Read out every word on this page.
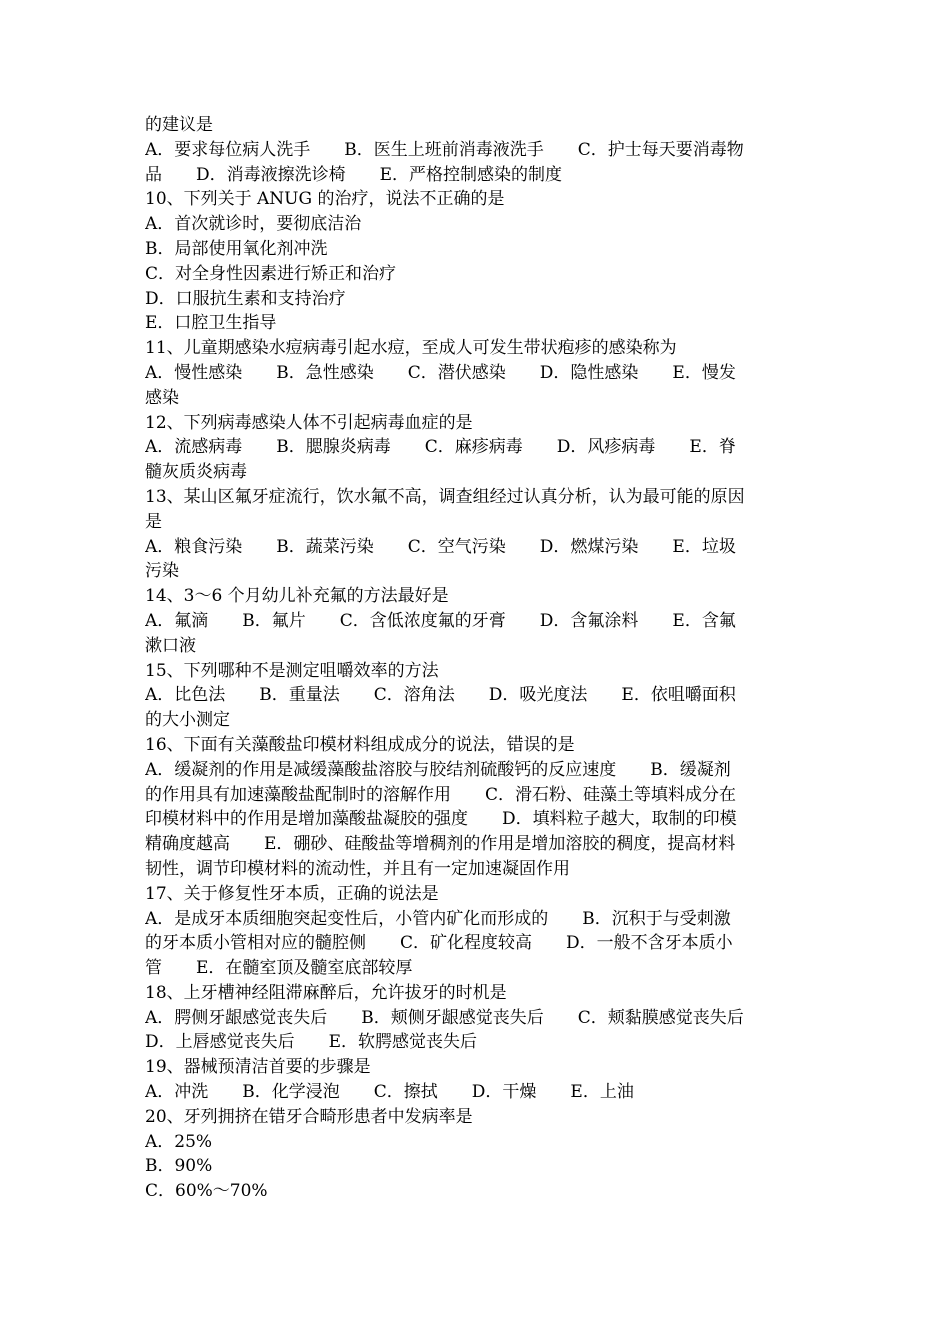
的建议是
A．要求每位病人洗手　　B．医生上班前消毒液洗手　　C．护士每天要消毒物
品　　D．消毒液擦洗诊椅　　E．严格控制感染的制度
10、下列关于 ANUG 的治疗，说法不正确的是
A．首次就诊时，要彻底洁治
B．局部使用氧化剂冲洗
C．对全身性因素进行矫正和治疗
D．口服抗生素和支持治疗
E．口腔卫生指导
11、儿童期感染水痘病毒引起水痘，至成人可发生带状疱疹的感染称为
A．慢性感染　　B．急性感染　　C．潜伏感染　　D．隐性感染　　E．慢发
感染
12、下列病毒感染人体不引起病毒血症的是
A．流感病毒　　B．腮腺炎病毒　　C．麻疹病毒　　D．风疹病毒　　E．脊
髓灰质炎病毒
13、某山区氟牙症流行，饮水氟不高，调查组经过认真分析，认为最可能的原因
是
A．粮食污染　　B．蔬菜污染　　C．空气污染　　D．燃煤污染　　E．垃圾
污染
14、3～6 个月幼儿补充氟的方法最好是
A．氟滴　　B．氟片　　C．含低浓度氟的牙膏　　D．含氟涂料　　E．含氟
漱口液
15、下列哪种不是测定咀嚼效率的方法
A．比色法　　B．重量法　　C．溶角法　　D．吸光度法　　E．依咀嚼面积
的大小测定
16、下面有关藻酸盐印模材料组成成分的说法，错误的是
A．缓凝剂的作用是减缓藻酸盐溶胶与胶结剂硫酸钙的反应速度　　B．缓凝剂
的作用具有加速藻酸盐配制时的溶解作用　　C．滑石粉、硅藻土等填料成分在
印模材料中的作用是增加藻酸盐凝胶的强度　　D．填料粒子越大，取制的印模
精确度越高　　E．硼砂、硅酸盐等增稠剂的作用是增加溶胶的稠度，提高材料
韧性，调节印模材料的流动性，并且有一定加速凝固作用
17、关于修复性牙本质，正确的说法是
A．是成牙本质细胞突起变性后，小管内矿化而形成的　　B．沉积于与受刺激
的牙本质小管相对应的髓腔侧　　C．矿化程度较高　　D．一般不含牙本质小
管　　E．在髓室顶及髓室底部较厚
18、上牙槽神经阻滞麻醉后，允许拔牙的时机是
A．腭侧牙龈感觉丧失后　　B．颊侧牙龈感觉丧失后　　C．颊黏膜感觉丧失后
D．上唇感觉丧失后　　E．软腭感觉丧失后
19、器械预清洁首要的步骤是
A．冲洗　　B．化学浸泡　　C．擦拭　　D．干燥　　E．上油
20、牙列拥挤在错牙合畸形患者中发病率是
A．25%
B．90%
C．60%～70%
